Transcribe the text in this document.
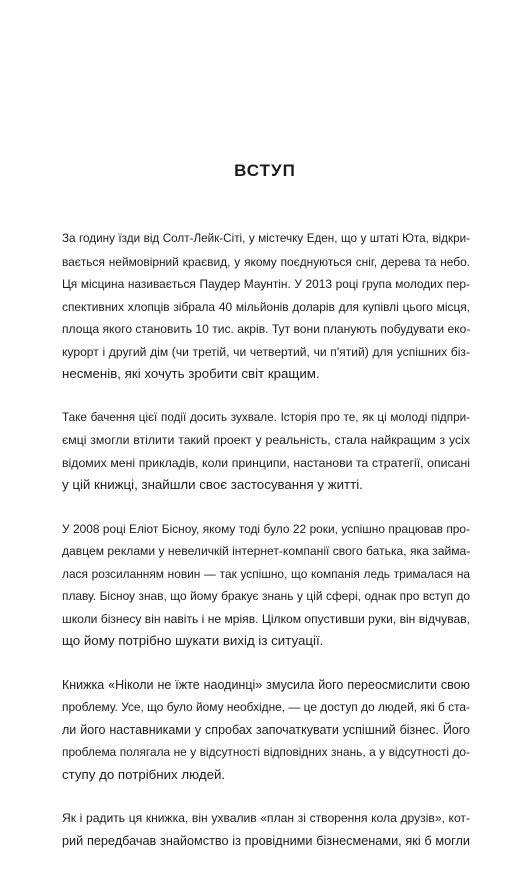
ВСТУП

За годину їзди від Солт-Лейк-Сіті, у містечку Еден, що у штаті Юта, відкри-
вається неймовірний краєвид, у якому поєднуються сніг, дерева та небо.
Ця місцина називається Паудер Маунтін. У 2013 році група молодих пер-
спективних хлопців зібрала 40 мільйонів доларів для купівлі цього місця,
площа якого становить 10 тис. акрів. Тут вони планують побудувати еко-
курорт і другий дім (чи третій, чи четвертий, чи п'ятий) для успішних біз-
несменів, які хочуть зробити світ кращим.

Таке бачення цієї події досить зухвале. Історія про те, як ці молоді підпри-
ємці змогли втілити такий проект у реальність, стала найкращим з усіх
відомих мені прикладів, коли принципи, настанови та стратегії, описані
у цій книжці, знайшли своє застосування у житті.

У 2008 році Еліот Бісноу, якому тоді було 22 роки, успішно працював про-
давцем реклами у невеличкій інтернет-компанії свого батька, яка займа-
лася розсиланням новин — так успішно, що компанія ледь трималася на
плаву. Бісноу знав, що йому бракує знань у цій сфері, однак про вступ до
школи бізнесу він навіть і не мріяв. Цілком опустивши руки, він відчував,
що йому потрібно шукати вихід із ситуації.

Книжка «Ніколи не їжте наодинці» змусила його переосмислити свою
проблему. Усе, що було йому необхідне, — це доступ до людей, які б ста-
ли його наставниками у спробах започаткувати успішний бізнес. Його
проблема полягала не у відсутності відповідних знань, а у відсутності до-
ступу до потрібних людей.

Як і радить ця книжка, він ухвалив «план зі створення кола друзів», кот-
рий передбачав знайомство із провідними бізнесменами, які б могли
